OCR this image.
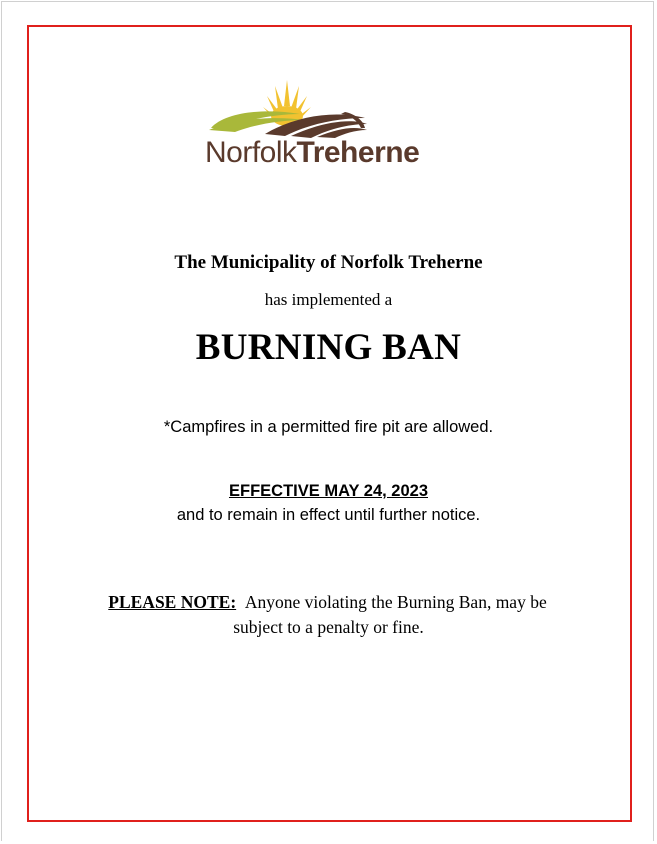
NorfolkTreherne
The Municipality of Norfolk Treherne
has implemented a
BURNING BAN
*Campfires in a permitted fire pit are allowed.
EFFECTIVE MAY 24, 2023
and to remain in effect until further notice.
PLEASE NOTE: Anyone violating the Burning Ban, may be
subject to a penalty or fine.
